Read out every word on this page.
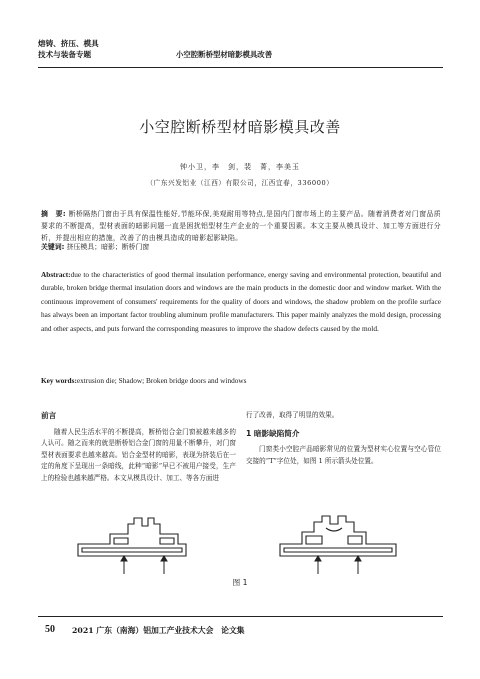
熔铸、挤压、模具
技术与装备专题	小空腔断桥型材暗影模具改善
小空腔断桥型材暗影模具改善
钟小卫，李　剑，裴　菁，李美玉
（广东兴发铝业（江西）有限公司，江西宜春，336000）
摘　要: 断桥隔热门窗由于具有保温性能好,节能环保,美观耐用等特点,是国内门窗市场上的主要产品。随着消费者对门窗品质要求的不断提高，型材表面的暗影问题一直是困扰铝型材生产企业的一个重要因素。本文主要从模具设计、加工等方面进行分析，并提出相应的措施，改善了的由模具造成的暗影起影缺陷。
关键词: 挤压模具；暗影；断桥门窗
Abstract:due to the characteristics of good thermal insulation performance, energy saving and environmental protection, beautiful and durable, broken bridge thermal insulation doors and windows are the main products in the domestic door and window market. With the continuous improvement of consumers' requirements for the quality of doors and windows, the shadow problem on the profile surface has always been an important factor troubling aluminum profile manufacturers. This paper mainly analyzes the mold design, processing and other aspects, and puts forward the corresponding measures to improve the shadow defects caused by the mold.
Key words:extrusion die; Shadow; Broken bridge doors and windows
前言
随着人民生活水平的不断提高，断桥铝合金门窗被越来越多的人认可。随之而来的就是断桥铝合金门窗的用量不断攀升，对门窗型材表面要求也越来越高。铝合金型材的暗影，表现为挤装后在一定的角度下呈现出一条暗线，此种“暗影”早已不被用户接受，生产上的检验也越来越严格。本文从模具设计、加工、等各方面进
行了改善，取得了明显的效果。
1 暗影缺陷简介
门窗类小空腔产品暗影常见的位置为型材实心位置与空心管位交接的“T”字位处，如图 1 所示箭头处位置。
图 1
50 2021 广东（南海）铝加工产业技术大会　论文集
